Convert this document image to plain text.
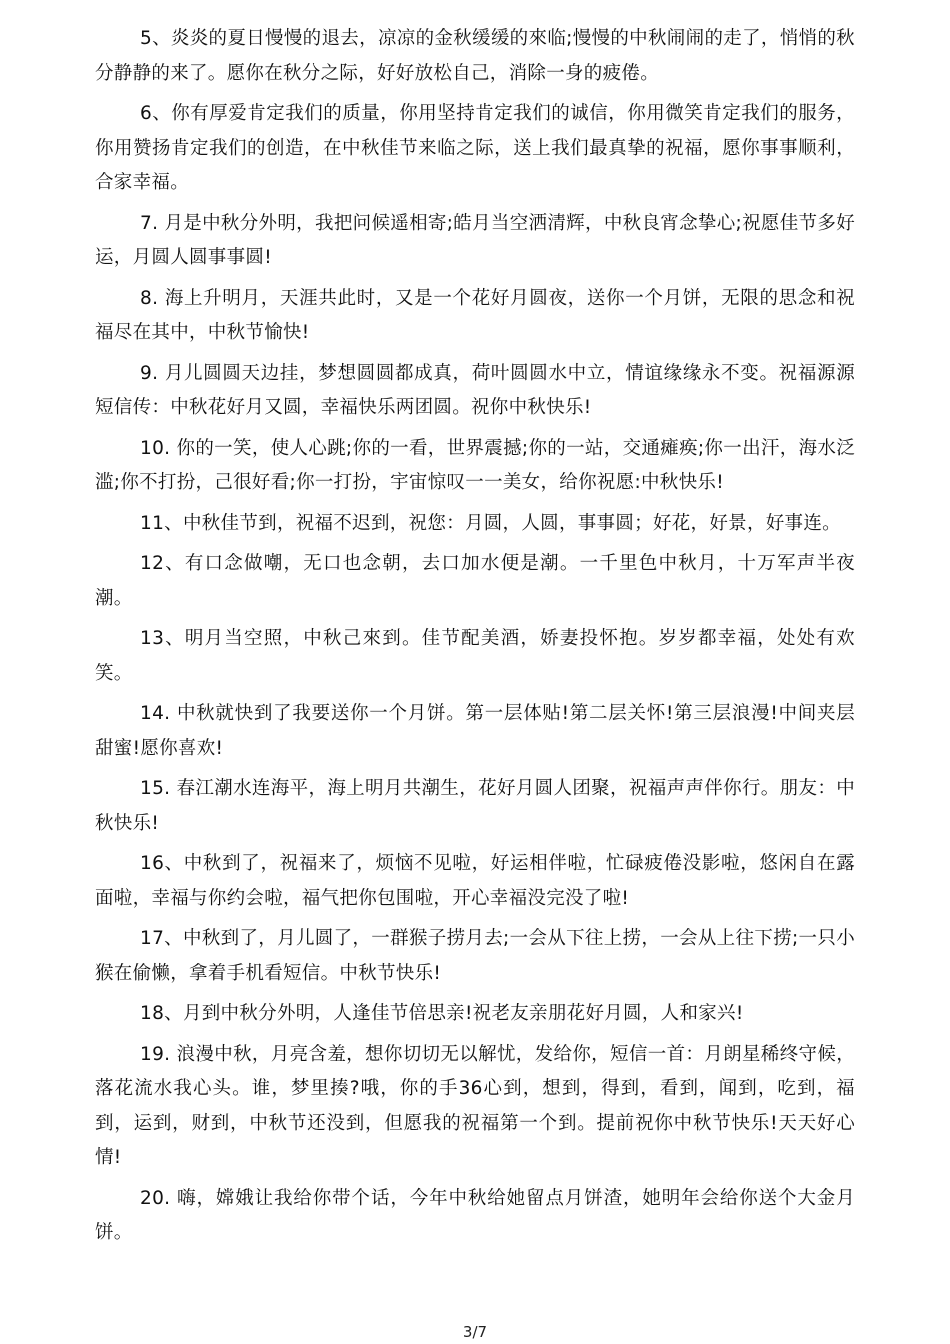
5、炎炎的夏日慢慢的退去，凉凉的金秋缓缓的來临;慢慢的中秋闹闹的走了，悄悄的秋分静静的来了。愿你在秋分之际，好好放松自己，消除一身的疲倦。

6、你有厚爱肯定我们的质量，你用坚持肯定我们的诚信，你用微笑肯定我们的服务，你用赞扬肯定我们的创造，在中秋佳节来临之际，送上我们最真挚的祝福，愿你事事顺利，合家幸福。

7. 月是中秋分外明，我把问候遥相寄;皓月当空洒清辉，中秋良宵念挚心;祝愿佳节多好运，月圆人圆事事圆!

8. 海上升明月，天涯共此时，又是一个花好月圆夜，送你一个月饼，无限的思念和祝福尽在其中，中秋节愉快!

9. 月儿圆圆天边挂，梦想圆圆都成真，荷叶圆圆水中立，情谊缘缘永不变。祝福源源短信传：中秋花好月又圆，幸福快乐两团圆。祝你中秋快乐!

10. 你的一笑，使人心跳;你的一看，世界震撼;你的一站，交通瘫痪;你一出汗，海水泛滥;你不打扮，己很好看;你一打扮，宇宙惊叹一一美女，给你祝愿:中秋快乐!

11、中秋佳节到，祝福不迟到，祝您：月圆，人圆，事事圆；好花，好景，好事连。

12、有口念做嘲，无口也念朝，去口加水便是潮。一千里色中秋月，十万军声半夜潮。

13、明月当空照，中秋己來到。佳节配美酒，娇妻投怀抱。岁岁都幸福，处处有欢笑。

14. 中秋就快到了我要送你一个月饼。第一层体贴!第二层关怀!第三层浪漫!中间夹层甜蜜!愿你喜欢!

15. 春江潮水连海平，海上明月共潮生，花好月圆人团聚，祝福声声伴你行。朋友：中秋快乐!

16、中秋到了，祝福来了，烦恼不见啦，好运相伴啦，忙碌疲倦没影啦，悠闲自在露面啦，幸福与你约会啦，福气把你包围啦，开心幸福没完没了啦!

17、中秋到了，月儿圆了，一群猴子捞月去;一会从下往上捞，一会从上往下捞;一只小猴在偷懒，拿着手机看短信。中秋节快乐!

18、月到中秋分外明，人逢佳节倍思亲!祝老友亲朋花好月圆，人和家兴!

19. 浪漫中秋，月亮含羞，想你切切无以解忧，发给你，短信一首：月朗星稀终守候，落花流水我心头。谁，梦里揍?哦，你的手36心到，想到，得到，看到，闻到，吃到，福到，运到，财到，中秋节还没到，但愿我的祝福第一个到。提前祝你中秋节快乐!天天好心情!

20. 嗨，嫦娥让我给你带个话，今年中秋给她留点月饼渣，她明年会给你送个大金月饼。

3/7
